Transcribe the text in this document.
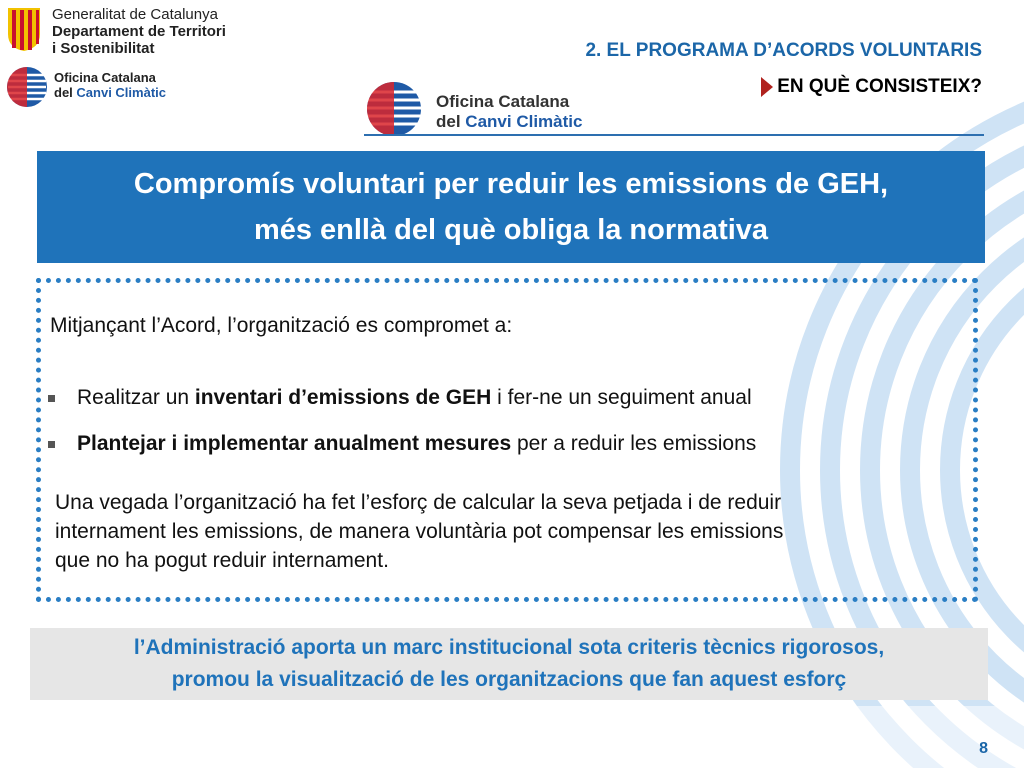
Generalitat de Catalunya
Departament de Territori
i Sostenibilitat
Oficina Catalana
del Canvi Climàtic	Oficina Catalana
del Canvi Climàtic
2. EL PROGRAMA D’ACORDS VOLUNTARIS
EN QUÈ CONSISTEIX?
Compromís voluntari per reduir les emissions de GEH,
més enllà del què obliga la normativa
Mitjançant l’Acord, l’organització es compromet a:
Realitzar un inventari d’emissions de GEH i fer-ne un seguiment anual
Plantejar i implementar anualment mesures per a reduir les emissions
Una vegada l’organització ha fet l’esforç de calcular la seva petjada i de reduir
internament les emissions, de manera voluntària pot compensar les emissions
que no ha pogut reduir internament.
l’Administració aporta un marc institucional sota criteris tècnics rigorosos,
promou la visualització de les organitzacions que fan aquest esforç
8
